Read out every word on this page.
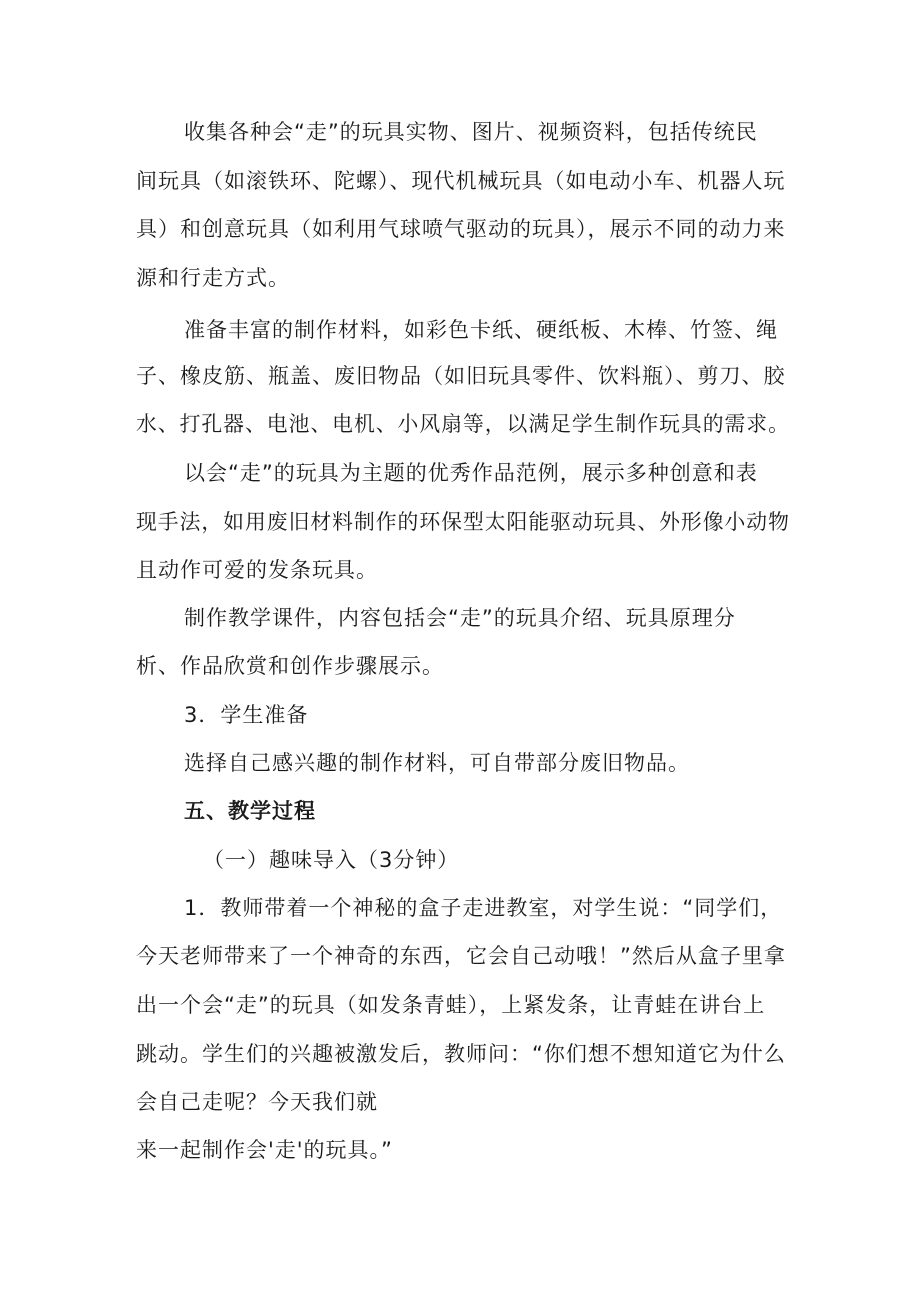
收集各种会“走”的玩具实物、图片、视频资料，包括传统民
间玩具（如滚铁环、陀螺）、现代机械玩具（如电动小车、机器人玩
具）和创意玩具（如利用气球喷气驱动的玩具），展示不同的动力来
源和行走方式。
准备丰富的制作材料，如彩色卡纸、硬纸板、木棒、竹签、绳
子、橡皮筋、瓶盖、废旧物品（如旧玩具零件、饮料瓶）、剪刀、胶
水、打孔器、电池、电机、小风扇等，以满足学生制作玩具的需求。
以会“走”的玩具为主题的优秀作品范例，展示多种创意和表
现手法，如用废旧材料制作的环保型太阳能驱动玩具、外形像小动物
且动作可爱的发条玩具。
制作教学课件，内容包括会“走”的玩具介绍、玩具原理分
析、作品欣赏和创作步骤展示。
3．学生准备
选择自己感兴趣的制作材料，可自带部分废旧物品。
五、教学过程
（一）趣味导入（3分钟）
1．教师带着一个神秘的盒子走进教室，对学生说：“同学们，
今天老师带来了一个神奇的东西，它会自己动哦！”然后从盒子里拿
出一个会“走”的玩具（如发条青蛙），上紧发条，让青蛙在讲台上
跳动。学生们的兴趣被激发后，教师问：“你们想不想知道它为什么
会自己走呢？今天我们就
来一起制作会'走'的玩具。”
